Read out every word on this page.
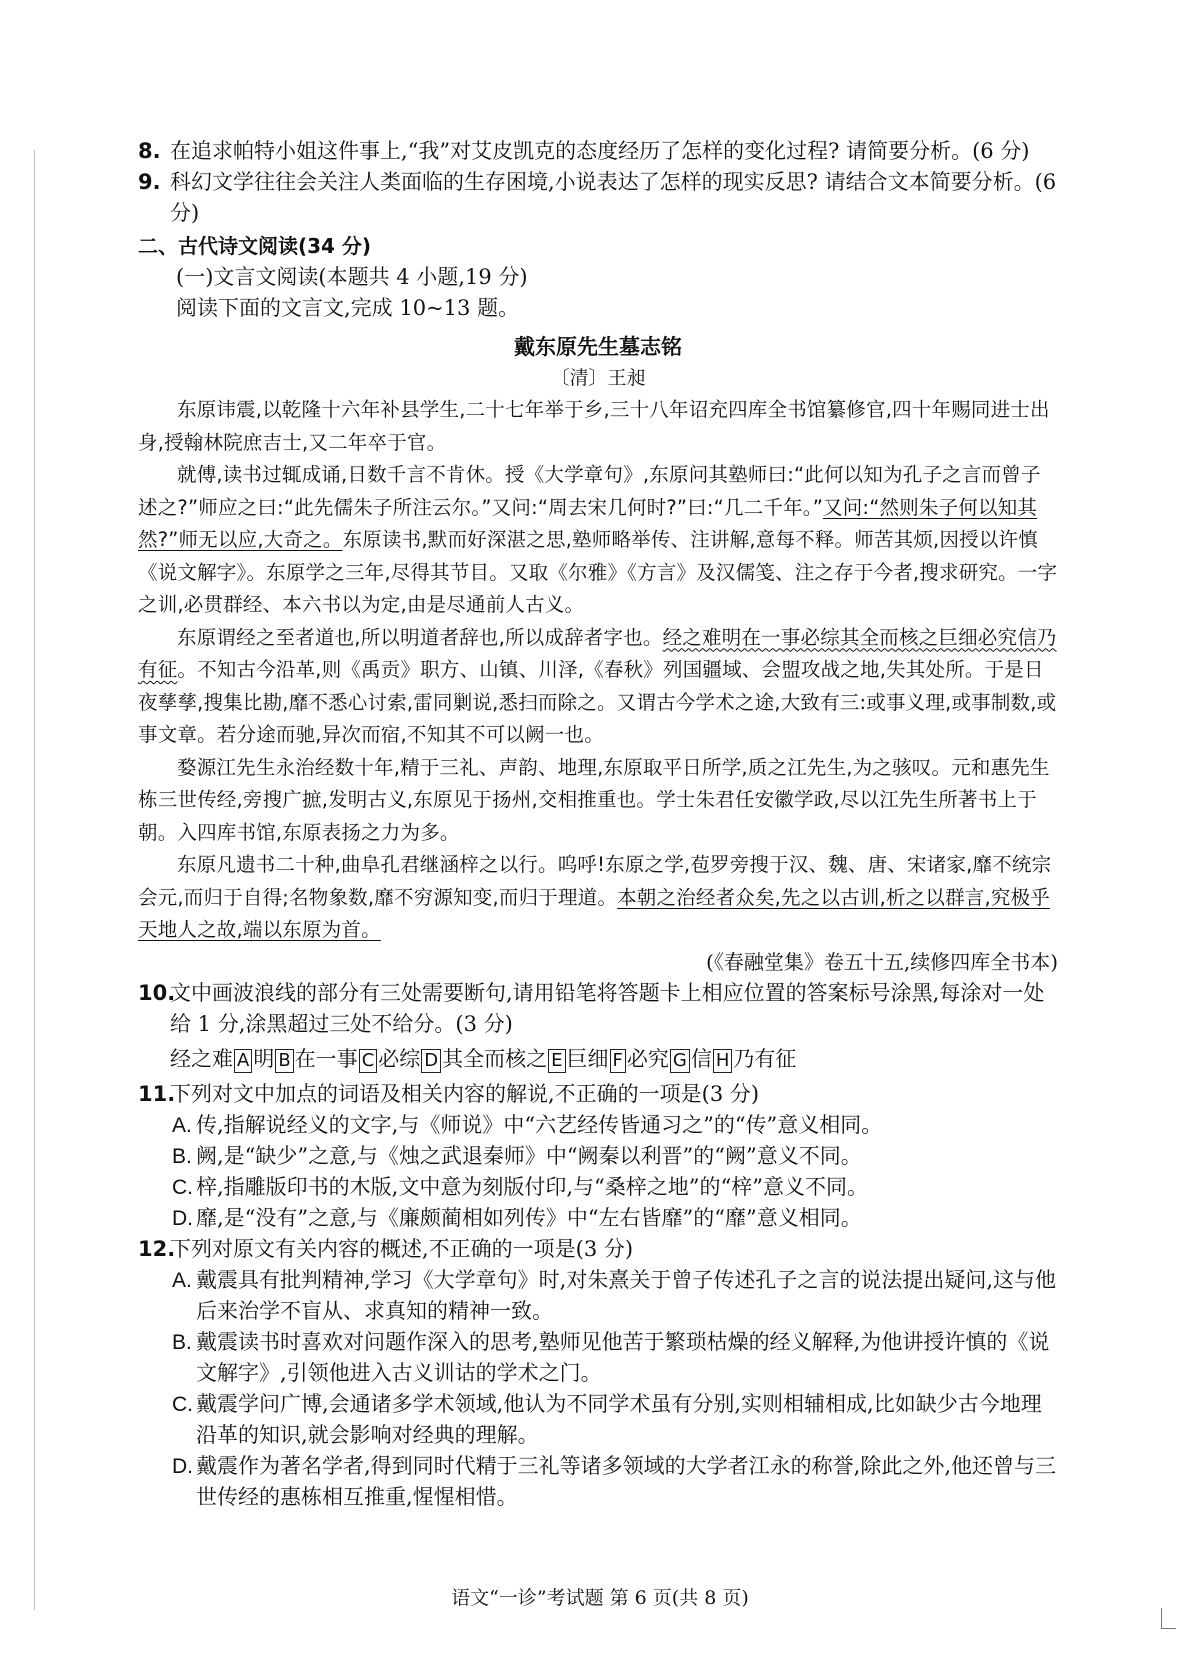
8. 在追求帕特小姐这件事上,“我”对艾皮凯克的态度经历了怎样的变化过程? 请简要分析。(6 分)

9. 科幻文学往往会关注人类面临的生存困境,小说表达了怎样的现实反思? 请结合文本简要分析。(6 分)

二、古代诗文阅读(34 分)

(一)文言文阅读(本题共 4 小题,19 分)

阅读下面的文言文,完成 10~13 题。

戴东原先生墓志铭

〔清〕王昶

东原讳震,以乾隆十六年补县学生,二十七年举于乡,三十八年诏充四库全书馆纂修官,四十年赐同进士出身,授翰林院庶吉士,又二年卒于官。

就傅,读书过辄成诵,日数千言不肯休。授《大学章句》,东原问其塾师曰:“此何以知为孔子之言而曾子述之?”师应之曰:“此先儒朱子所注云尔。”又问:“周去宋几何时?”曰:“几二千年。”又问:“然则朱子何以知其然?”师无以应,大奇之。东原读书,默而好深湛之思,塾师略举传、注讲解,意每不释。师苦其烦,因授以许慎《说文解字》。东原学之三年,尽得其节目。又取《尔雅》《方言》及汉儒笺、注之存于今者,搜求研究。一字之训,必贯群经、本六书以为定,由是尽通前人古义。

东原谓经之至者道也,所以明道者辞也,所以成辞者字也。经之难明在一事必综其全而核之巨细必究信乃有征。不知古今沿革,则《禹贡》职方、山镇、川泽,《春秋》列国疆域、会盟攻战之地,失其处所。于是日夜孳孳,搜集比勘,靡不悉心讨索,雷同剿说,悉扫而除之。又谓古今学术之途,大致有三:或事义理,或事制数,或事文章。若分途而驰,异次而宿,不知其不可以阙一也。

婺源江先生永治经数十年,精于三礼、声韵、地理,东原取平日所学,质之江先生,为之骇叹。元和惠先生栋三世传经,旁搜广摭,发明古义,东原见于扬州,交相推重也。学士朱君任安徽学政,尽以江先生所著书上于朝。入四库书馆,东原表扬之力为多。

东原凡遗书二十种,曲阜孔君继涵梓之以行。呜呼!东原之学,苞罗旁搜于汉、魏、唐、宋诸家,靡不统宗会元,而归于自得;名物象数,靡不穷源知变,而归于理道。本朝之治经者众矣,先之以古训,析之以群言,究极乎天地人之故,端以东原为首。

(《春融堂集》卷五十五,续修四库全书本)

10.
文中画波浪线的部分有三处需要断句,请用铅笔将答题卡上相应位置的答案标号涂黑,每涂对一处给 1 分,涂黑超过三处不给分。(3 分)

经之难 A 明 B 在一事 C 必综 D 其全而核之 E 巨细 F 必究 G 信 H 乃有征

11.
下列对文中加点的词语及相关内容的解说,不正确的一项是(3 分)

A. 传,指解说经义的文字,与《师说》中“六艺经传皆通习之”的“传”意义相同。

B. 阙,是“缺少”之意,与《烛之武退秦师》中“阙秦以利晋”的“阙”意义不同。

C. 梓,指雕版印书的木版,文中意为刻版付印,与“桑梓之地”的“梓”意义不同。

D. 靡,是“没有”之意,与《廉颇蔺相如列传》中“左右皆靡”的“靡”意义相同。

12.
下列对原文有关内容的概述,不正确的一项是(3 分)

A. 戴震具有批判精神,学习《大学章句》时,对朱熹关于曾子传述孔子之言的说法提出疑问,这与他后来治学不盲从、求真知的精神一致。

B. 戴震读书时喜欢对问题作深入的思考,塾师见他苦于繁琐枯燥的经义解释,为他讲授许慎的《说文解字》,引领他进入古义训诂的学术之门。

C. 戴震学问广博,会通诸多学术领域,他认为不同学术虽有分别,实则相辅相成,比如缺少古今地理沿革的知识,就会影响对经典的理解。

D. 戴震作为著名学者,得到同时代精于三礼等诸多领域的大学者江永的称誉,除此之外,他还曾与三世传经的惠栋相互推重,惺惺相惜。

语文“一诊”考试题 第 6 页(共 8 页)
